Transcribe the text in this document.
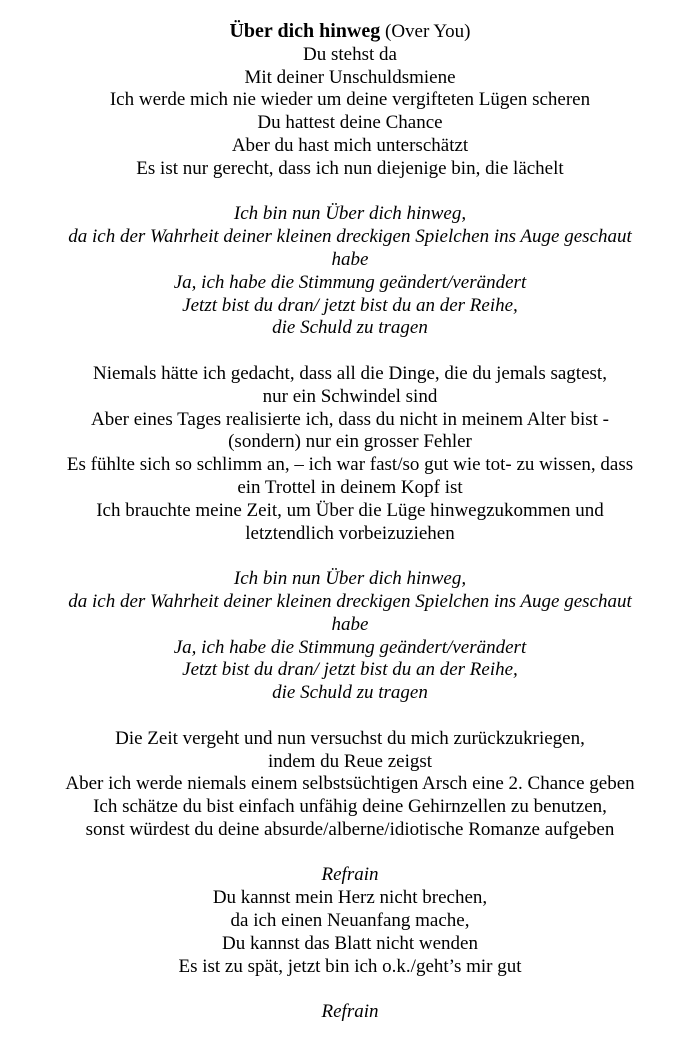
Über dich hinweg (Over You)
Du stehst da
Mit deiner Unschuldsmiene
Ich werde mich nie wieder um deine vergifteten Lügen scheren
Du hattest deine Chance
Aber du hast mich unterschätzt
Es ist nur gerecht, dass ich nun diejenige bin, die lächelt
Ich bin nun Über dich hinweg,
da ich der Wahrheit deiner kleinen dreckigen Spielchen ins Auge geschaut
habe
Ja, ich habe die Stimmung geändert/verändert
Jetzt bist du dran/ jetzt bist du an der Reihe,
die Schuld zu tragen
Niemals hätte ich gedacht, dass all die Dinge, die du jemals sagtest,
nur ein Schwindel sind
Aber eines Tages realisierte ich, dass du nicht in meinem Alter bist -
(sondern) nur ein grosser Fehler
Es fühlte sich so schlimm an, – ich war fast/so gut wie tot- zu wissen, dass
ein Trottel in deinem Kopf ist
Ich brauchte meine Zeit, um Über die Lüge hinwegzukommen und
letztendlich vorbeizuziehen
Ich bin nun Über dich hinweg,
da ich der Wahrheit deiner kleinen dreckigen Spielchen ins Auge geschaut
habe
Ja, ich habe die Stimmung geändert/verändert
Jetzt bist du dran/ jetzt bist du an der Reihe,
die Schuld zu tragen
Die Zeit vergeht und nun versuchst du mich zurückzukriegen,
indem du Reue zeigst
Aber ich werde niemals einem selbstsüchtigen Arsch eine 2. Chance geben
Ich schätze du bist einfach unfähig deine Gehirnzellen zu benutzen,
sonst würdest du deine absurde/alberne/idiotische Romanze aufgeben
Refrain
Du kannst mein Herz nicht brechen,
da ich einen Neuanfang mache,
Du kannst das Blatt nicht wenden
Es ist zu spät, jetzt bin ich o.k./geht’s mir gut
Refrain
